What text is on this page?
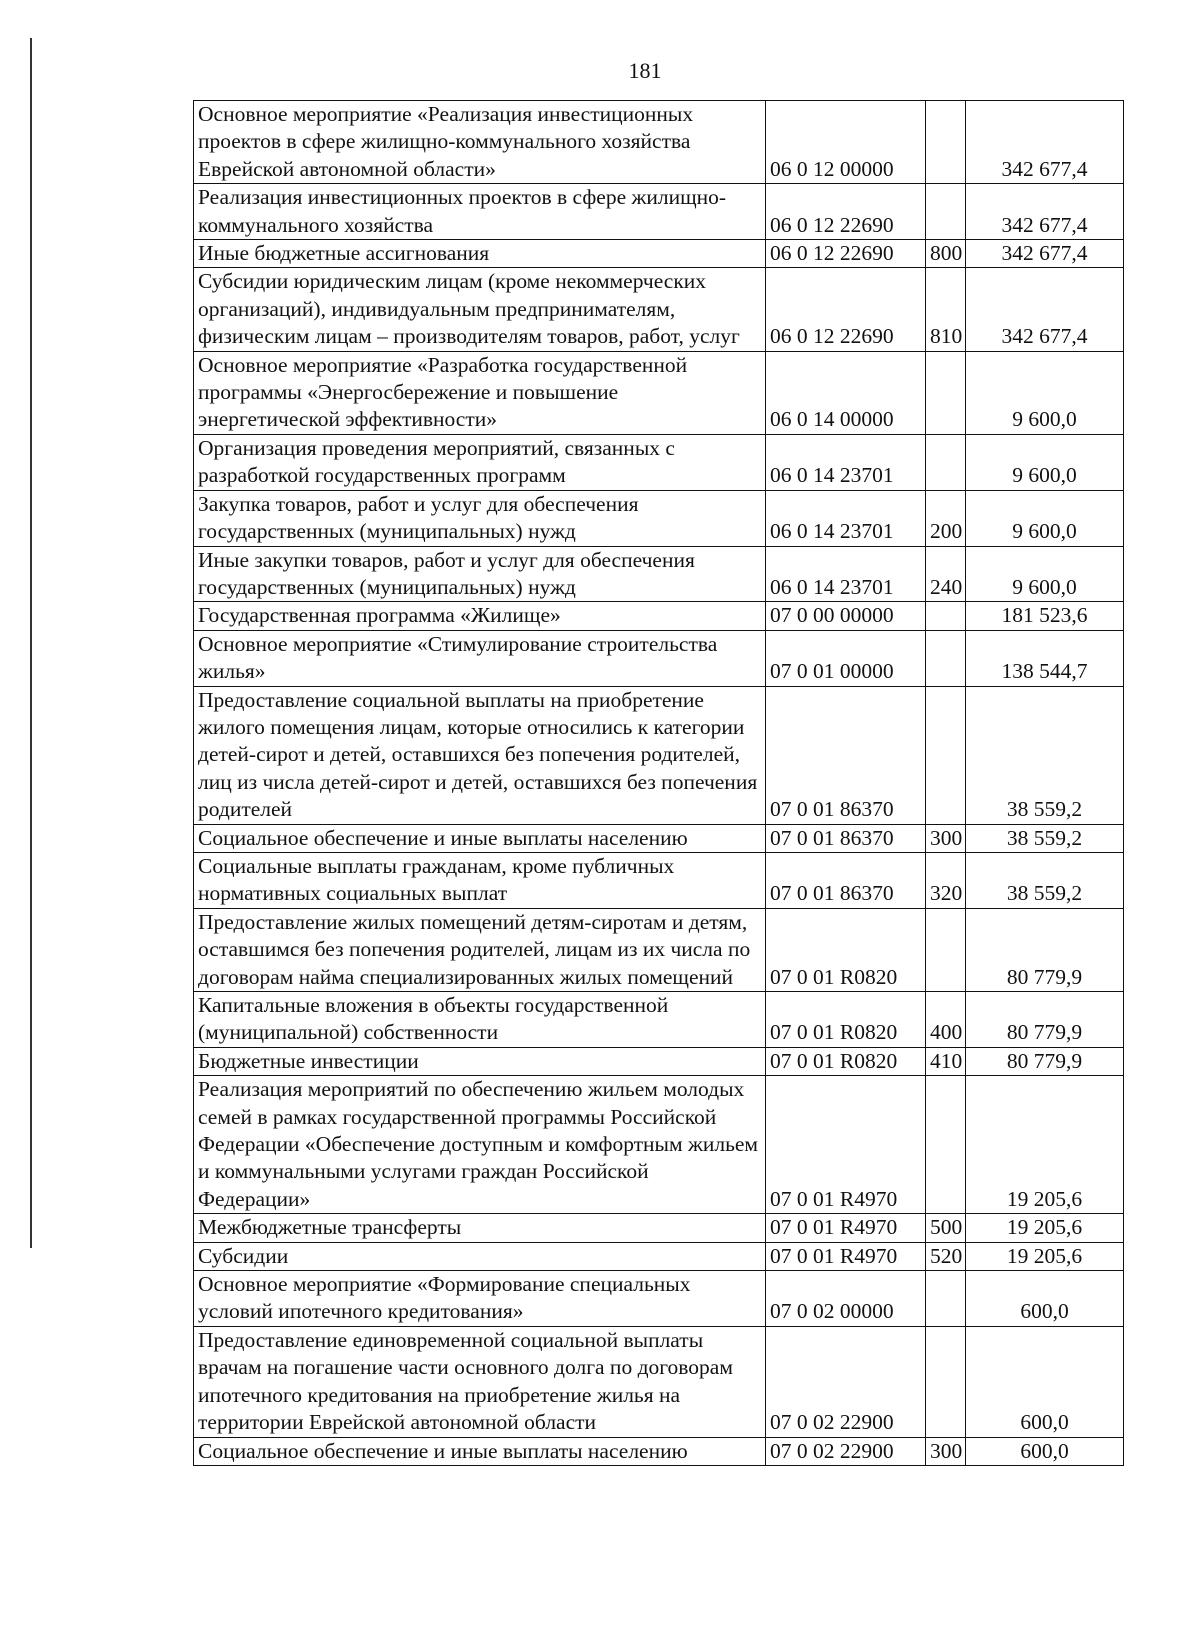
181
Основное мероприятие «Реализация инвестиционных проектов в сфере жилищно-коммунального хозяйства Еврейской автономной области»	06 0 12 00000		342 677,4
Реализация инвестиционных проектов в сфере жилищно-коммунального хозяйства	06 0 12 22690		342 677,4
Иные бюджетные ассигнования	06 0 12 22690	800	342 677,4
Субсидии юридическим лицам (кроме некоммерческих организаций), индивидуальным предпринимателям, физическим лицам – производителям товаров, работ, услуг	06 0 12 22690	810	342 677,4
Основное мероприятие «Разработка государственной программы «Энергосбережение и повышение энергетической эффективности»	06 0 14 00000		9 600,0
Организация проведения мероприятий, связанных с разработкой государственных программ	06 0 14 23701		9 600,0
Закупка товаров, работ и услуг для обеспечения государственных (муниципальных) нужд	06 0 14 23701	200	9 600,0
Иные закупки товаров, работ и услуг для обеспечения государственных (муниципальных) нужд	06 0 14 23701	240	9 600,0
Государственная программа «Жилище»	07 0 00 00000		181 523,6
Основное мероприятие «Стимулирование строительства жилья»	07 0 01 00000		138 544,7
Предоставление социальной выплаты на приобретение жилого помещения лицам, которые относились к категории детей-сирот и детей, оставшихся без попечения родителей, лиц из числа детей-сирот и детей, оставшихся без попечения родителей	07 0 01 86370		38 559,2
Социальное обеспечение и иные выплаты населению	07 0 01 86370	300	38 559,2
Социальные выплаты гражданам, кроме публичных нормативных социальных выплат	07 0 01 86370	320	38 559,2
Предоставление жилых помещений детям-сиротам и детям, оставшимся без попечения родителей, лицам из их числа по договорам найма специализированных жилых помещений	07 0 01 R0820		80 779,9
Капитальные вложения в объекты государственной (муниципальной) собственности	07 0 01 R0820	400	80 779,9
Бюджетные инвестиции	07 0 01 R0820	410	80 779,9
Реализация мероприятий по обеспечению жильем молодых семей в рамках государственной программы Российской Федерации «Обеспечение доступным и комфортным жильем и коммунальными услугами граждан Российской Федерации»	07 0 01 R4970		19 205,6
Межбюджетные трансферты	07 0 01 R4970	500	19 205,6
Субсидии	07 0 01 R4970	520	19 205,6
Основное мероприятие «Формирование специальных условий ипотечного кредитования»	07 0 02 00000		600,0
Предоставление единовременной социальной выплаты врачам на погашение части основного долга по договорам ипотечного кредитования на приобретение жилья на территории Еврейской автономной области	07 0 02 22900		600,0
Социальное обеспечение и иные выплаты населению	07 0 02 22900	300	600,0
